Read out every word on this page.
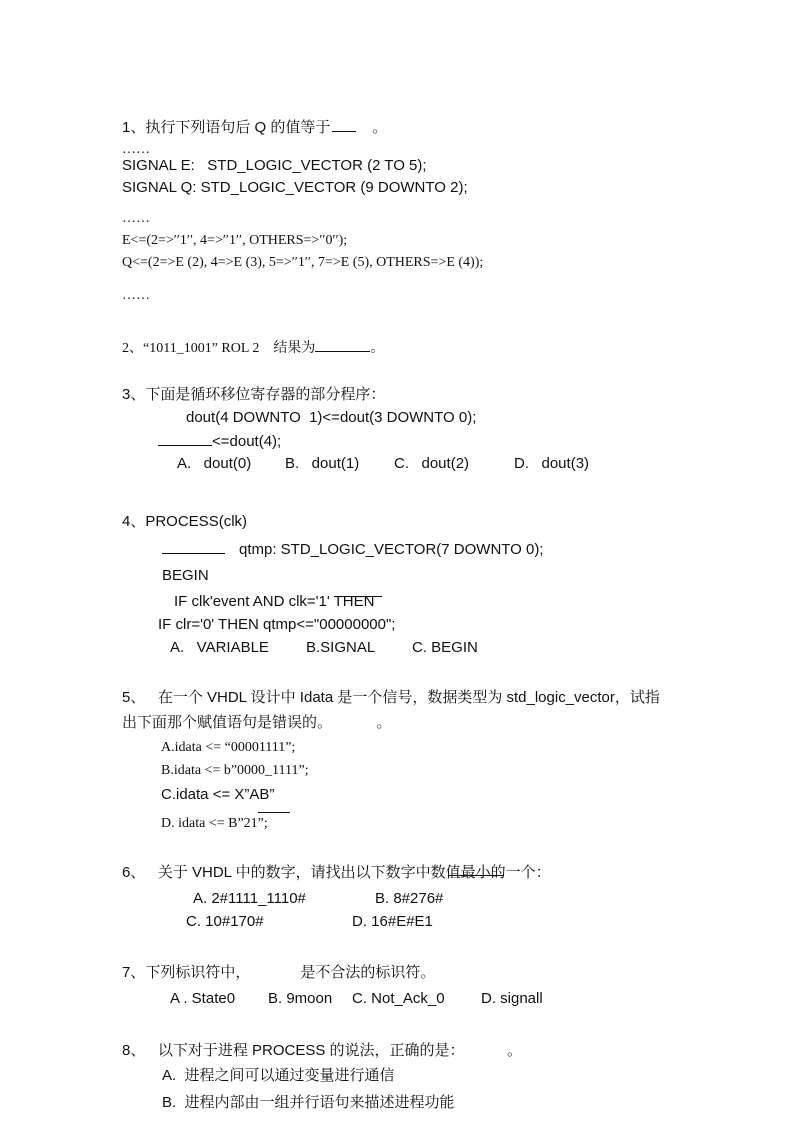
1、执行下列语句后 Q 的值等于	。
……
SIGNAL E:   STD_LOGIC_VECTOR (2 TO 5);
SIGNAL Q: STD_LOGIC_VECTOR (9 DOWNTO 2);
……
E<=(2=>′′1′′, 4=>′′1′′, OTHERS=>′′0′′);
Q<=(2=>E (2), 4=>E (3), 5=>′′1′′, 7=>E (5), OTHERS=>E (4));
……
2、“1011_1001” ROL 2    结果为	。
3、下面是循环移位寄存器的部分程序：
dout(4 DOWNTO  1)<=dout(3 DOWNTO 0);
<=dout(4);
A.   dout(0) B.   dout(1) C.   dout(2)	D.   dout(3)
4、PROCESS(clk)
qtmp: STD_LOGIC_VECTOR(7 DOWNTO 0);
BEGIN
IF clk'event AND clk='1' THEN
IF clr='0' THEN qtmp<="00000000";
A.   VARIABLE B.SIGNAL C. BEGIN
5、   在一个 VHDL 设计中 Idata 是一个信号，数据类型为 std_logic_vector，试指
出下面那个赋值语句是错误的。	。
A.idata <= “00001111”;
B.idata <= b”0000_1111”;
C.idata <= X”AB”
D. idata <= B”21”;
6、   关于 VHDL 中的数字，请找出以下数字中数值最小的一个：
A. 2#1111_1110#	B. 8#276#
C. 10#170#	D. 16#E#E1
7、下列标识符中，	是不合法的标识符。
A . State0 B. 9moon C. Not_Ack_0 D. signall
8、   以下对于进程 PROCESS 的说法，正确的是：	。
A.  进程之间可以通过变量进行通信
B.  进程内部由一组并行语句来描述进程功能
